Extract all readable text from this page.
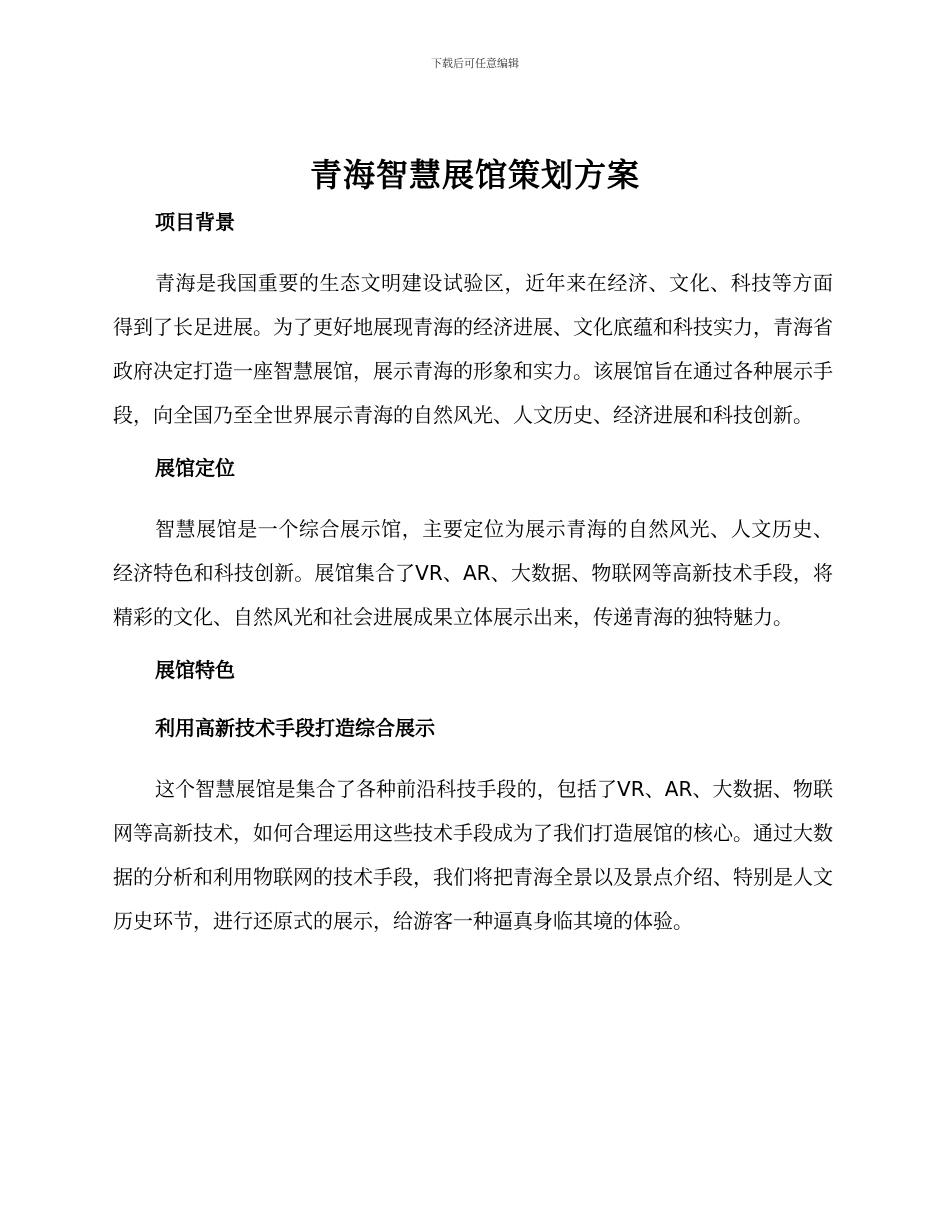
下载后可任意编辑
青海智慧展馆策划方案
项目背景
青海是我国重要的生态文明建设试验区，近年来在经济、文化、科技等方面得到了长足进展。为了更好地展现青海的经济进展、文化底蕴和科技实力，青海省政府决定打造一座智慧展馆，展示青海的形象和实力。该展馆旨在通过各种展示手段，向全国乃至全世界展示青海的自然风光、人文历史、经济进展和科技创新。
展馆定位
智慧展馆是一个综合展示馆，主要定位为展示青海的自然风光、人文历史、经济特色和科技创新。展馆集合了VR、AR、大数据、物联网等高新技术手段，将精彩的文化、自然风光和社会进展成果立体展示出来，传递青海的独特魅力。
展馆特色
利用高新技术手段打造综合展示
这个智慧展馆是集合了各种前沿科技手段的，包括了VR、AR、大数据、物联网等高新技术，如何合理运用这些技术手段成为了我们打造展馆的核心。通过大数据的分析和利用物联网的技术手段，我们将把青海全景以及景点介绍、特别是人文历史环节，进行还原式的展示，给游客一种逼真身临其境的体验。
